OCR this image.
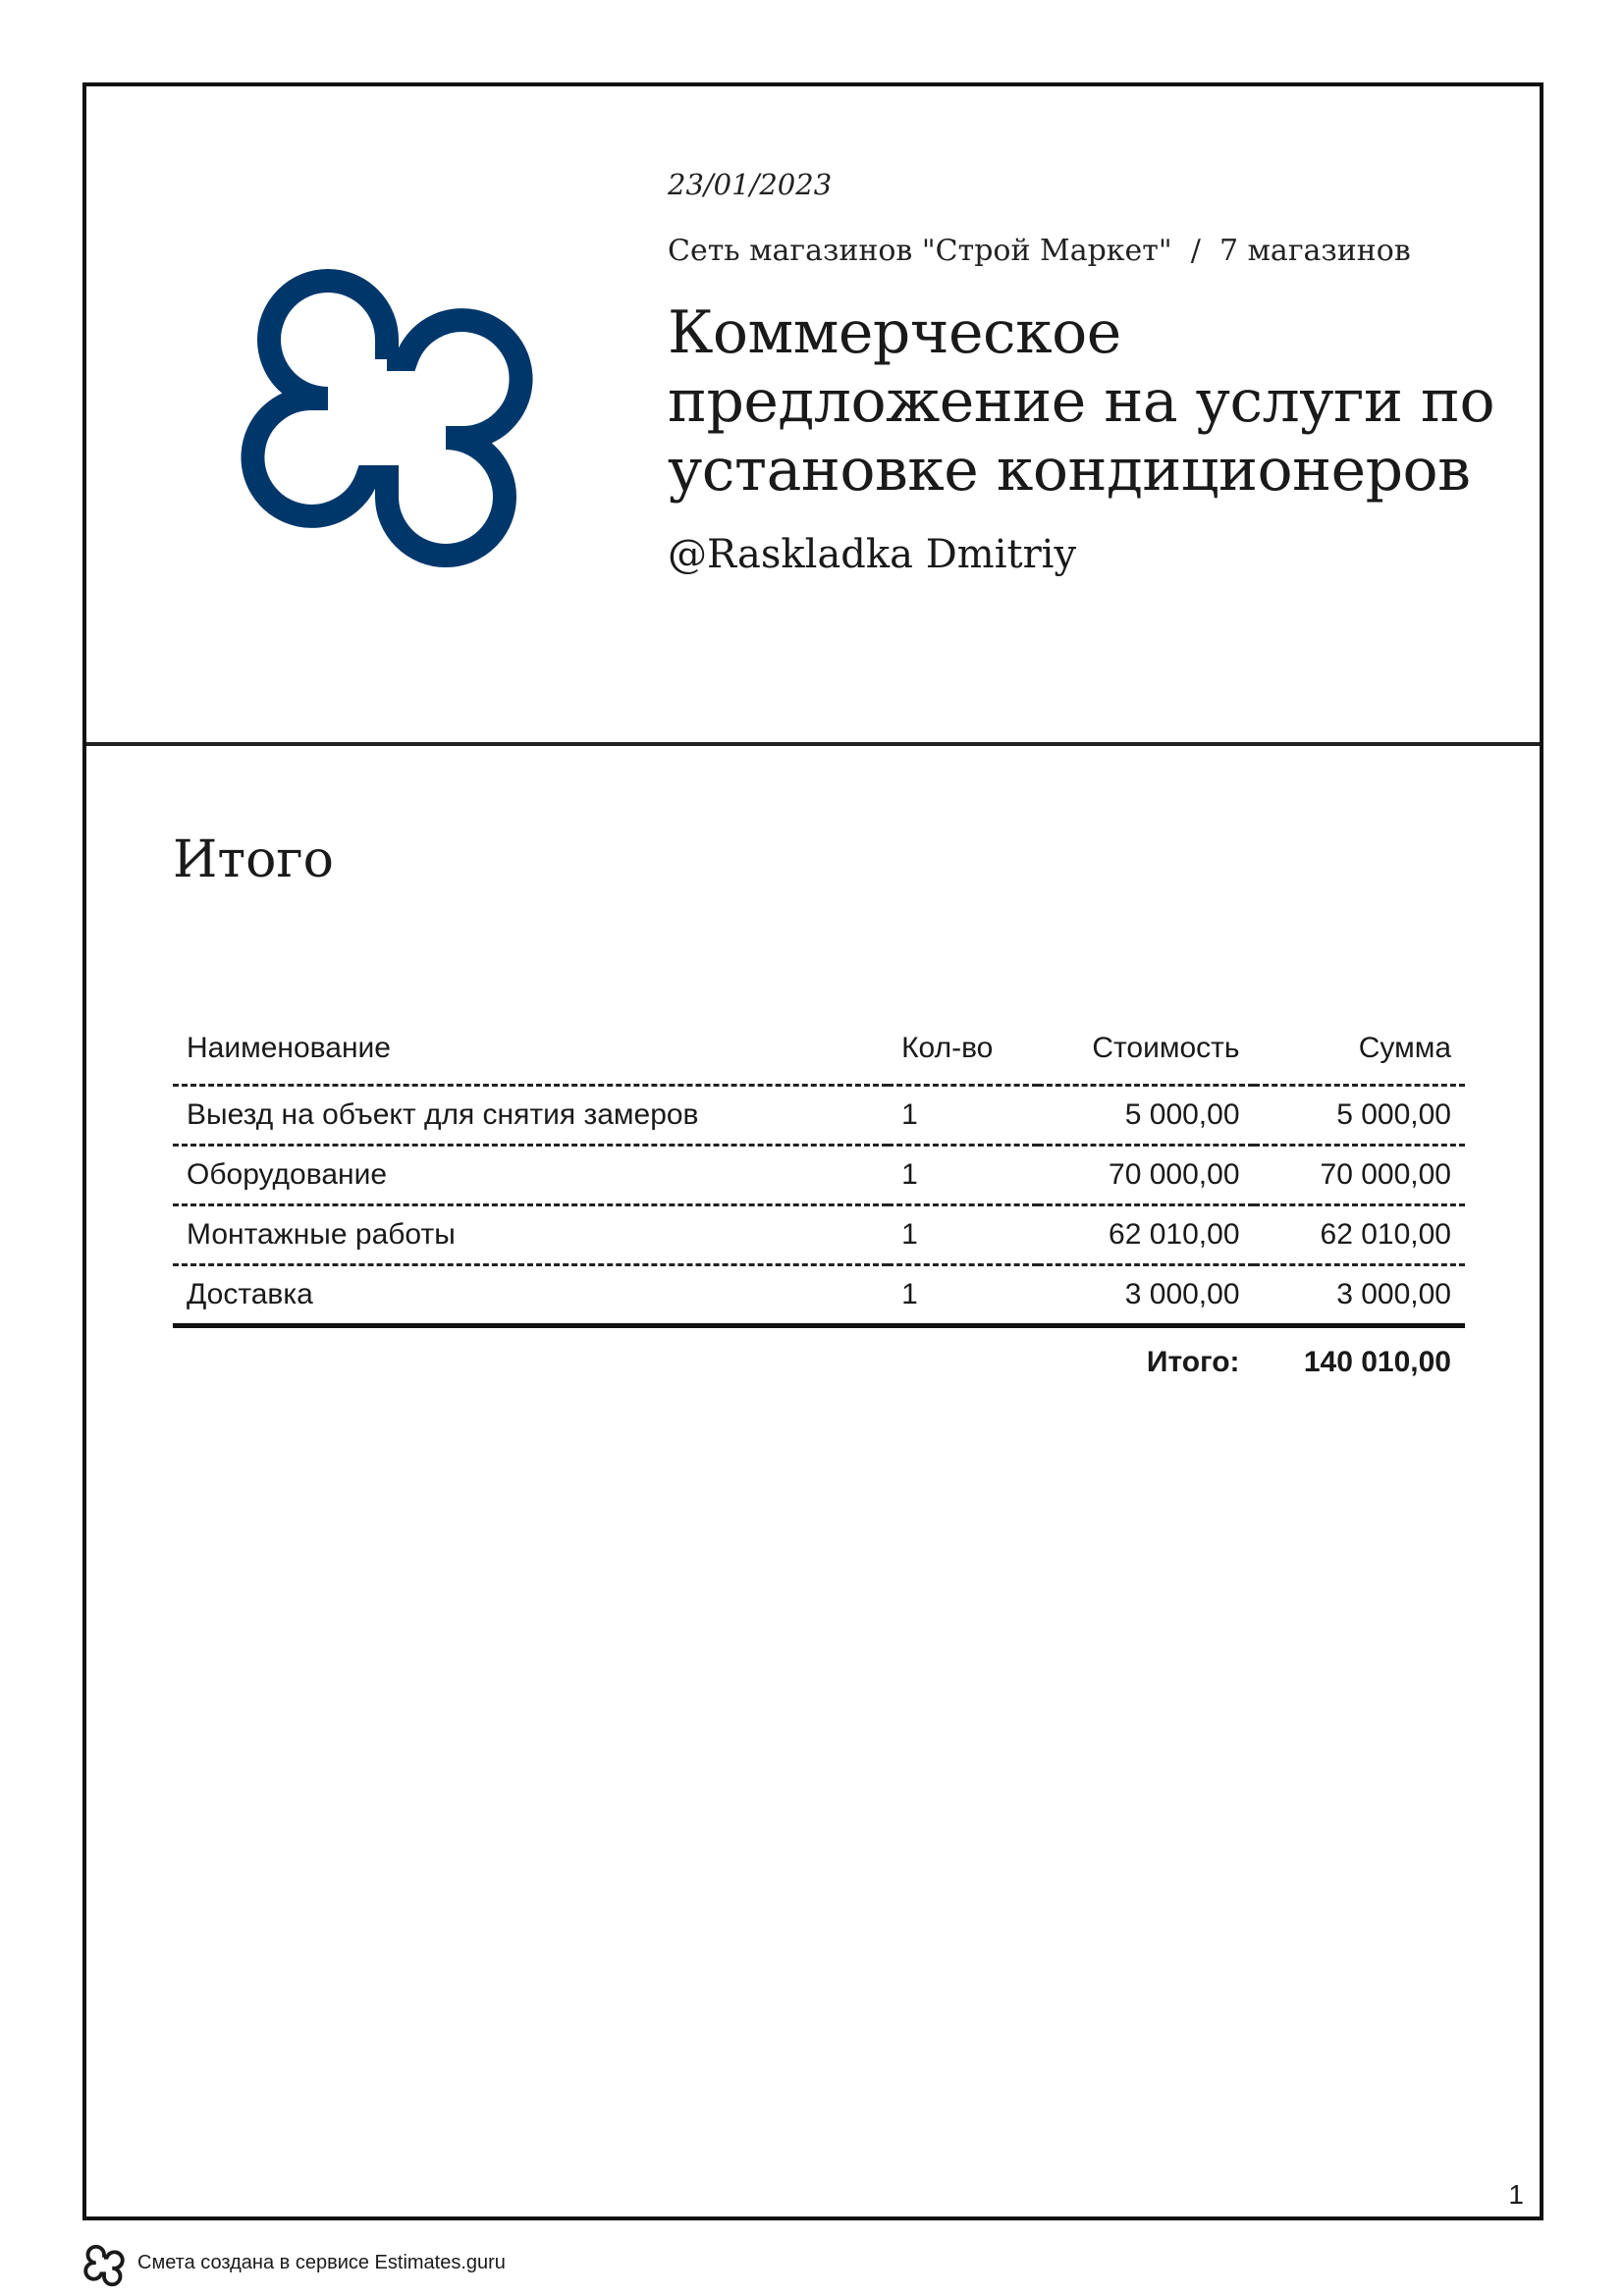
23/01/2023

Сеть магазинов "Строй Маркет" / 7 магазинов

Коммерческое предложение на услуги по установке кондиционеров

@Raskladka Dmitriy

Итого
Наименование	Кол-во	Стоимость	Сумма
Выезд на объект для снятия замеров	1	5 000,00	5 000,00
Оборудование	1	70 000,00	70 000,00
Монтажные работы	1	62 010,00	62 010,00
Доставка	1	3 000,00	3 000,00
		Итого:	140 010,00
1
Смета создана в сервисе Estimates.guru
